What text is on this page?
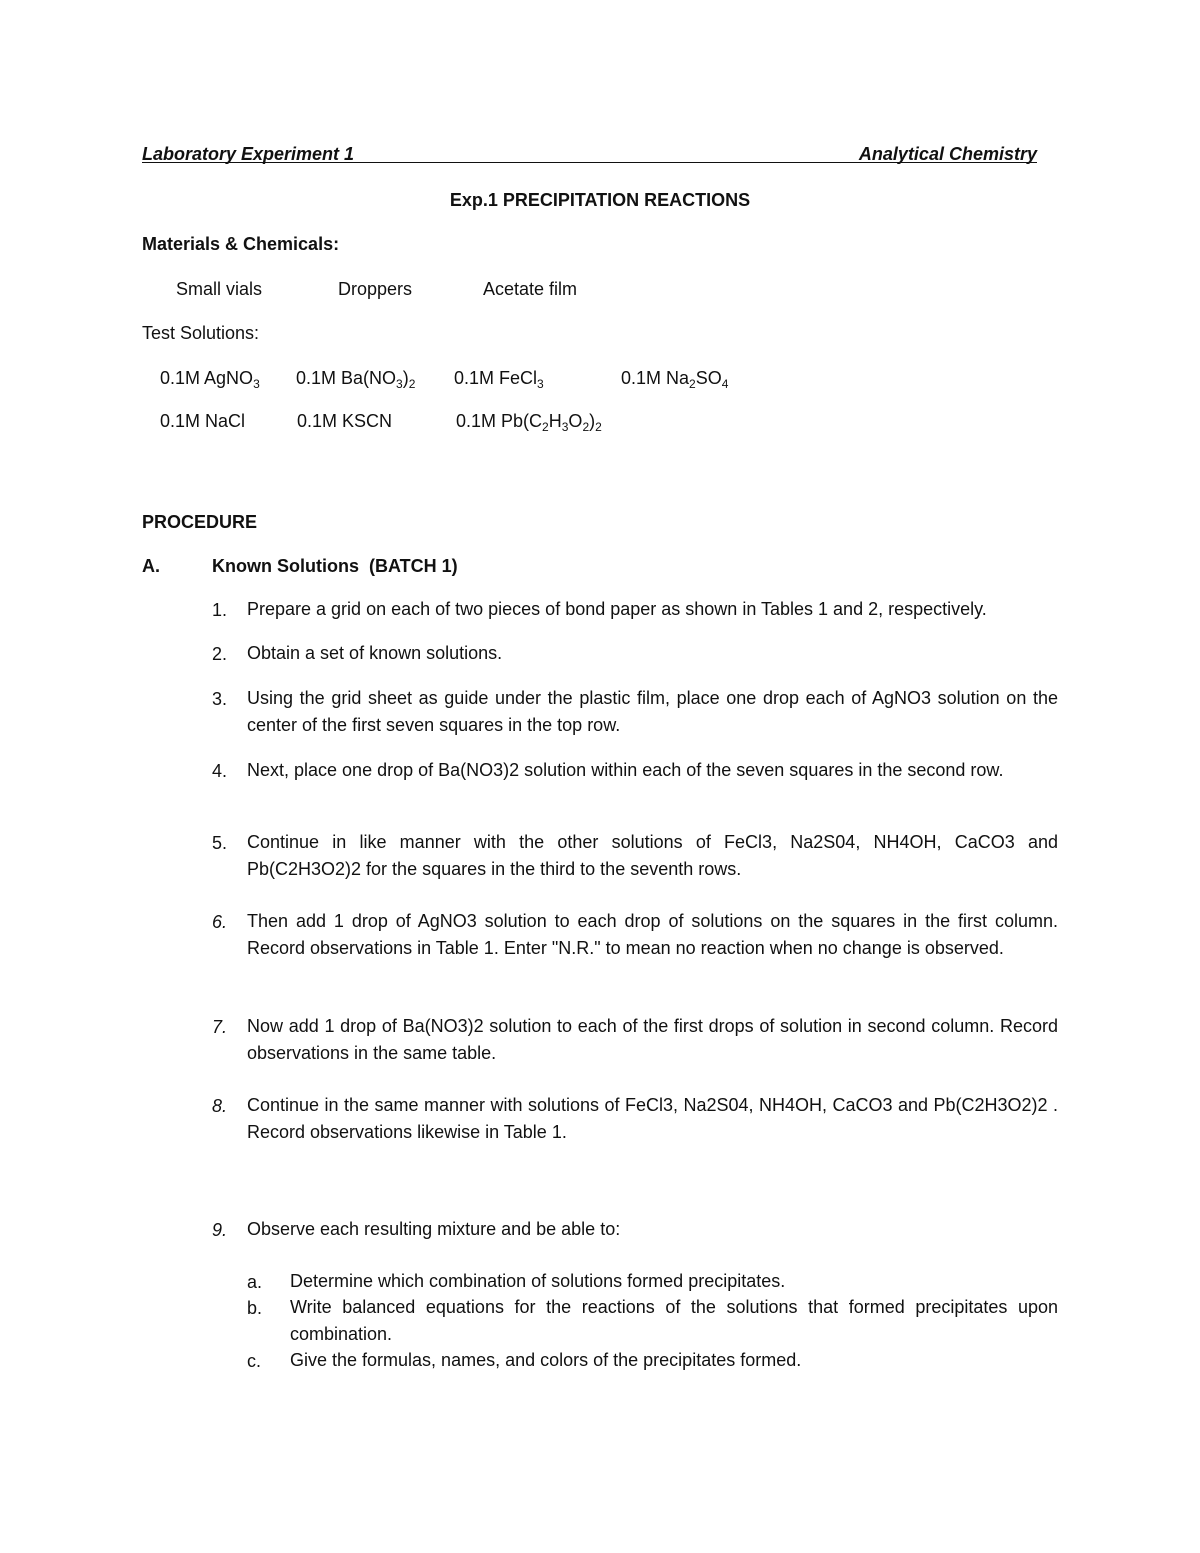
Laboratory Experiment 1	Analytical Chemistry
Exp.1 PRECIPITATION REACTIONS
Materials & Chemicals:
Small vials	Droppers	Acetate film
Test Solutions:
0.1M AgNO$_3$ 0.1M $Ba(NO_3)_2$ 0.1M FeCl$_3$	0.1M $Na_2SO_4$
0.1M NaCl	0.1M KSCN	0.1M $Pb(C_2H_3O_2)_2$
PROCEDURE
A.	Known Solutions  (BATCH 1)
1. Prepare a grid on each of two pieces of bond paper as shown in Tables 1 and 2, respectively.
2. Obtain a set of known solutions.
3. Using the grid sheet as guide under the plastic film, place one drop each of AgNO3 solution on the center of the first seven squares in the top row.
4. Next, place one drop of Ba(NO3)2 solution within each of the seven squares in the second row.
5. Continue in like manner with the other solutions of FeCl3, Na2S04, NH4OH, CaCO3 and Pb(C2H3O2)2 for the squares in the third to the seventh rows.
6. Then add 1 drop of AgNO3 solution to each drop of solutions on the squares in the first column. Record observations in Table 1. Enter "N.R." to mean no reaction when no change is observed.
7. Now add 1 drop of Ba(NO3)2 solution to each of the first drops of solution in second column. Record observations in the same table.
8. Continue in the same manner with solutions of FeCl3, Na2S04, NH4OH, CaCO3 and Pb(C2H3O2)2 . Record observations likewise in Table 1.
9. Observe each resulting mixture and be able to:
a. Determine which combination of solutions formed precipitates.
b. Write balanced equations for the reactions of the solutions that formed precipitates upon combination.
c. Give the formulas, names, and colors of the precipitates formed.
